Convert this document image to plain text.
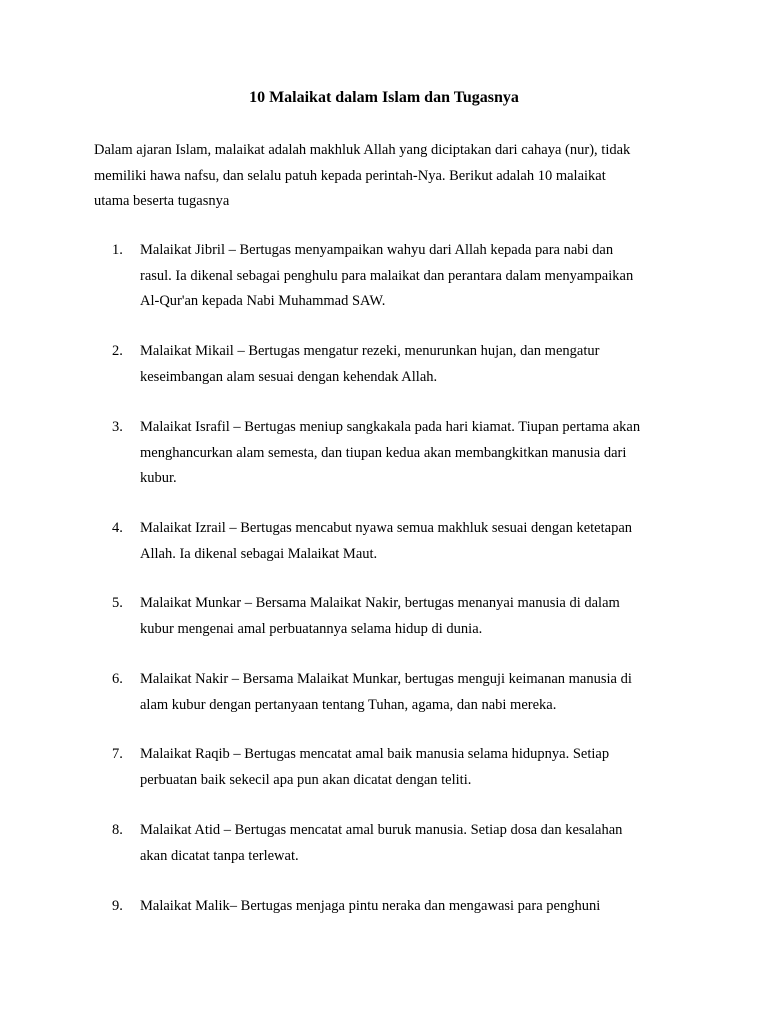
10 Malaikat dalam Islam dan Tugasnya
Dalam ajaran Islam, malaikat adalah makhluk Allah yang diciptakan dari cahaya (nur), tidak
memiliki hawa nafsu, dan selalu patuh kepada perintah-Nya. Berikut adalah 10 malaikat
utama beserta tugasnya
1.	Malaikat Jibril – Bertugas menyampaikan wahyu dari Allah kepada para nabi dan
rasul. Ia dikenal sebagai penghulu para malaikat dan perantara dalam menyampaikan
Al-Qur'an kepada Nabi Muhammad SAW.
2.	Malaikat Mikail – Bertugas mengatur rezeki, menurunkan hujan, dan mengatur
keseimbangan alam sesuai dengan kehendak Allah.
3.	Malaikat Israfil – Bertugas meniup sangkakala pada hari kiamat. Tiupan pertama akan
menghancurkan alam semesta, dan tiupan kedua akan membangkitkan manusia dari
kubur.
4.	Malaikat Izrail – Bertugas mencabut nyawa semua makhluk sesuai dengan ketetapan
Allah. Ia dikenal sebagai Malaikat Maut.
5.	Malaikat Munkar – Bersama Malaikat Nakir, bertugas menanyai manusia di dalam
kubur mengenai amal perbuatannya selama hidup di dunia.
6.	Malaikat Nakir – Bersama Malaikat Munkar, bertugas menguji keimanan manusia di
alam kubur dengan pertanyaan tentang Tuhan, agama, dan nabi mereka.
7.	Malaikat Raqib – Bertugas mencatat amal baik manusia selama hidupnya. Setiap
perbuatan baik sekecil apa pun akan dicatat dengan teliti.
8.	Malaikat Atid – Bertugas mencatat amal buruk manusia. Setiap dosa dan kesalahan
akan dicatat tanpa terlewat.
9.	Malaikat Malik– Bertugas menjaga pintu neraka dan mengawasi para penghuni
